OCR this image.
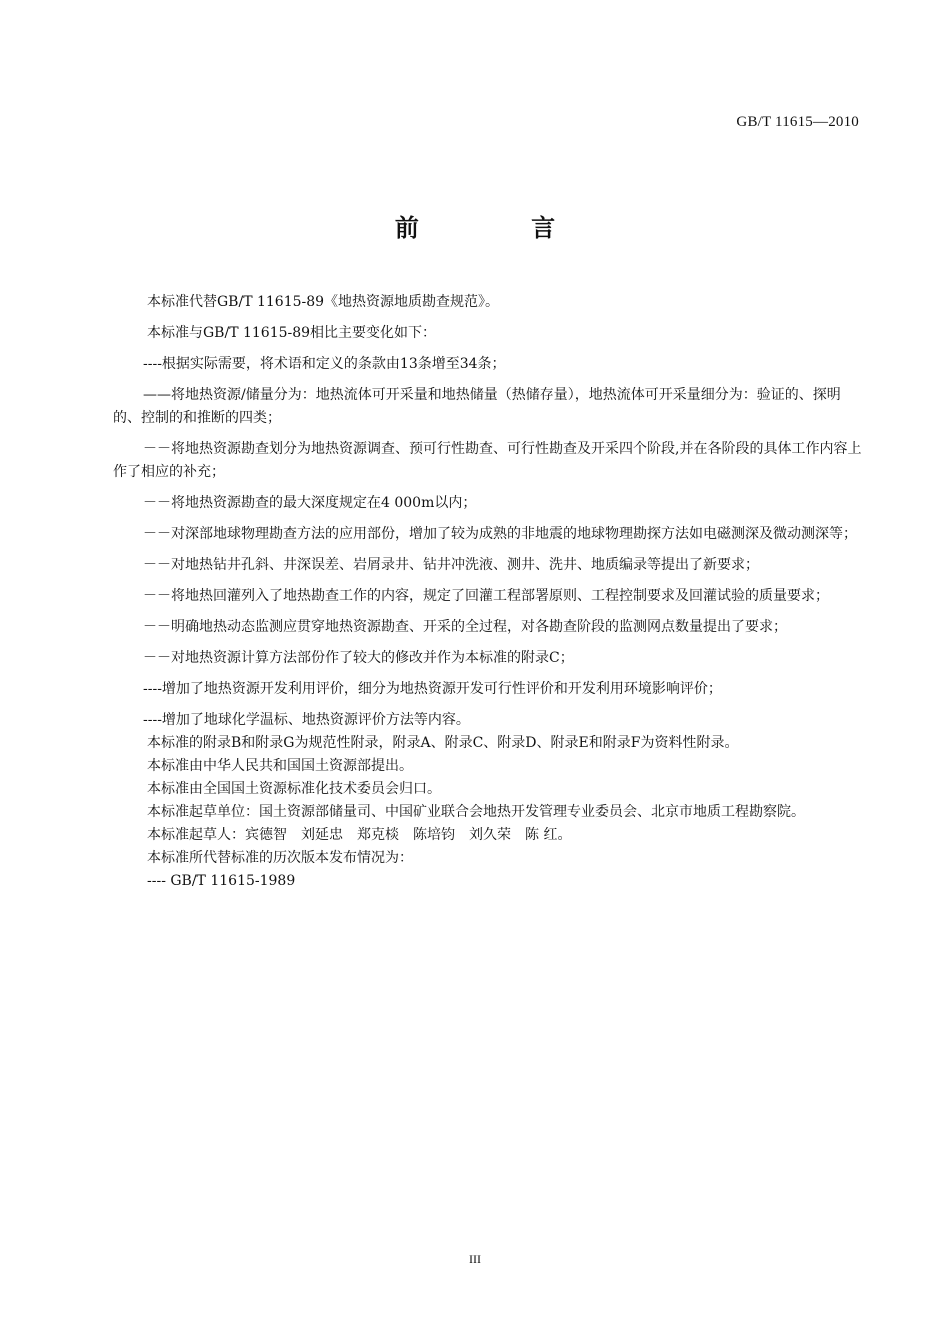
GB/T 11615—2010
前 言

本标准代替GB/T 11615-89《地热资源地质勘查规范》。

本标准与GB/T 11615-89相比主要变化如下：

----根据实际需要，将术语和定义的条款由13条增至34条；

——将地热资源/储量分为：地热流体可开采量和地热储量（热储存量），地热流体可开采量细分为：验证的、探明的、控制的和推断的四类；

－－将地热资源勘查划分为地热资源调查、预可行性勘查、可行性勘查及开采四个阶段,并在各阶段的具体工作内容上作了相应的补充；

－－将地热资源勘查的最大深度规定在4 000m以内；

－－对深部地球物理勘查方法的应用部份，增加了较为成熟的非地震的地球物理勘探方法如电磁测深及微动测深等；

－－对地热钻井孔斜、井深误差、岩屑录井、钻井冲洗液、测井、洗井、地质编录等提出了新要求；

－－将地热回灌列入了地热勘查工作的内容，规定了回灌工程部署原则、工程控制要求及回灌试验的质量要求；

－－明确地热动态监测应贯穿地热资源勘查、开采的全过程，对各勘查阶段的监测网点数量提出了要求；

－－对地热资源计算方法部份作了较大的修改并作为本标准的附录C；

----增加了地热资源开发利用评价，细分为地热资源开发可行性评价和开发利用环境影响评价；

----增加了地球化学温标、地热资源评价方法等内容。

本标准的附录B和附录G为规范性附录，附录A、附录C、附录D、附录E和附录F为资料性附录。

本标准由中华人民共和国国土资源部提出。

本标准由全国国土资源标准化技术委员会归口。

本标准起草单位：国土资源部储量司、中国矿业联合会地热开发管理专业委员会、北京市地质工程勘察院。

本标准起草人：宾德智　刘延忠　郑克棪　陈培钧　刘久荣　陈 红。

本标准所代替标准的历次版本发布情况为：

---- GB/T 11615-1989

III
